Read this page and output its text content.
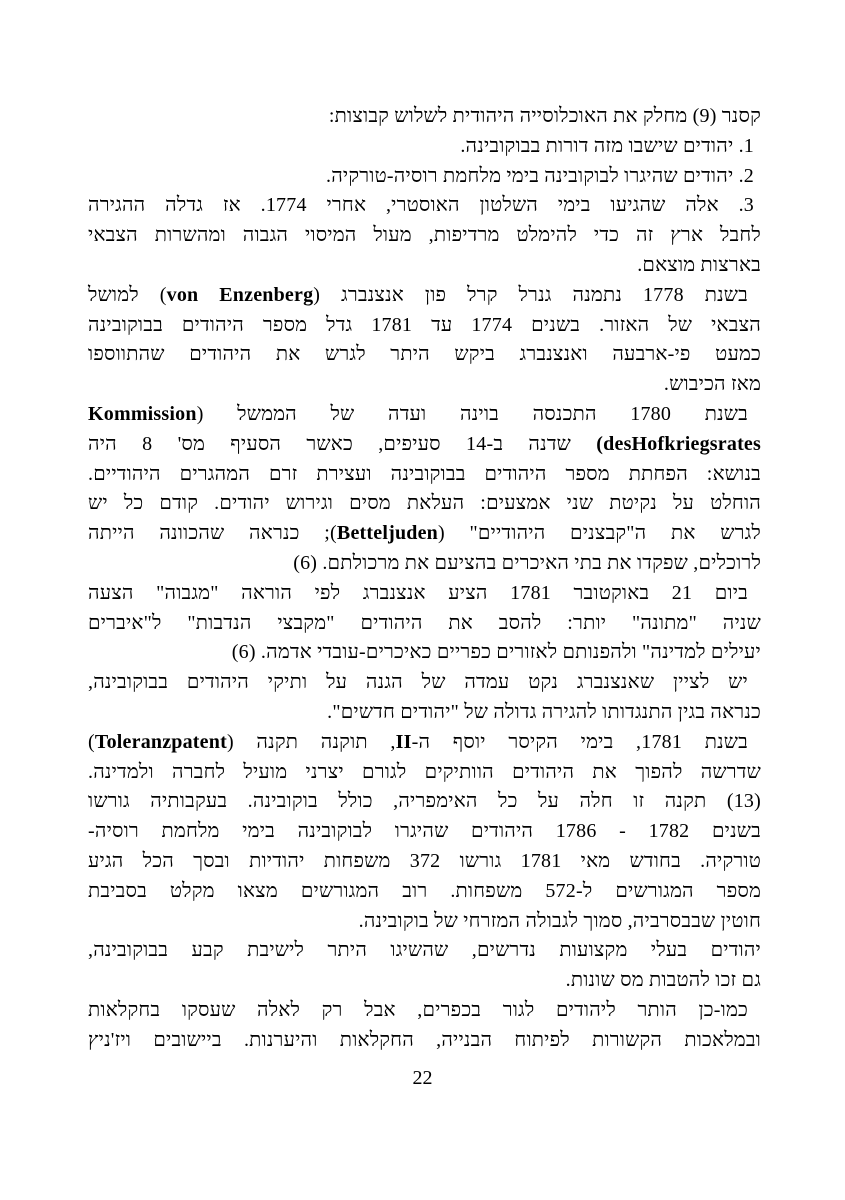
קסנר (9) מחלק את האוכלוסייה היהודית לשלוש קבוצות:
1. יהודים שישבו מזה דורות בבוקובינה.
2. יהודים שהיגרו לבוקובינה בימי מלחמת רוסיה-טורקיה.
3. אלה שהגיעו בימי השלטון האוסטרי, אחרי 1774. אז גדלה ההגירה
לחבל ארץ זה כדי להימלט מרדיפות, מעול המיסוי הגבוה ומהשרות הצבאי
בארצות מוצאם.
בשנת 1778 נתמנה גנרל קרל פון אנצנברג (von Enzenberg) למושל
הצבאי של האזור. בשנים 1774 עד 1781 גדל מספר היהודים בבוקובינה
כמעט פי-ארבעה ואנצנברג ביקש היתר לגרש את היהודים שהתווספו
מאז הכיבוש.
בשנת 1780 התכנסה בוינה ועדה של הממשל (Kommission
desHofkriegsrates) שדנה ב-14 סעיפים, כאשר הסעיף מס' 8 היה
בנושא: הפחתת מספר היהודים בבוקובינה ועצירת זרם המהגרים היהודיים.
הוחלט על נקיטת שני אמצעים: העלאת מסים וגירוש יהודים. קודם כל יש
לגרש את ה"קבצנים היהודיים" (Betteljuden); כנראה שהכוונה הייתה
לרוכלים, שפקדו את בתי האיכרים בהציעם את מרכולתם. (6)
ביום 21 באוקטובר 1781 הציע אנצנברג לפי הוראה "מגבוה" הצעה
שניה "מתונה" יותר: להסב את היהודים "מקבצי הנדבות" ל"איברים
יעילים למדינה" ולהפנותם לאזורים כפריים כאיכרים-עובדי אדמה. (6)
יש לציין שאנצנברג נקט עמדה של הגנה על ותיקי היהודים בבוקובינה,
כנראה בגין התנגדותו להגירה גדולה של "יהודים חדשים".
בשנת 1781, בימי הקיסר יוסף ה-II, תוקנה תקנה (Toleranzpatent)
שדרשה להפוך את היהודים הוותיקים לגורם יצרני מועיל לחברה ולמדינה.
(13) תקנה זו חלה על כל האימפריה, כולל בוקובינה. בעקבותיה גורשו
בשנים 1782 - 1786 היהודים שהיגרו לבוקובינה בימי מלחמת רוסיה-
טורקיה. בחודש מאי 1781 גורשו 372 משפחות יהודיות ובסך הכל הגיע
מספר המגורשים ל-572 משפחות. רוב המגורשים מצאו מקלט בסביבת
חוטין שבבסרביה, סמוך לגבולה המזרחי של בוקובינה.
יהודים בעלי מקצועות נדרשים, שהשיגו היתר לישיבת קבע בבוקובינה,
גם זכו להטבות מס שונות.
כמו-כן הותר ליהודים לגור בכפרים, אבל רק לאלה שעסקו בחקלאות
ובמלאכות הקשורות לפיתוח הבנייה, החקלאות והיערנות. ביישובים ויז'ניץ
22
